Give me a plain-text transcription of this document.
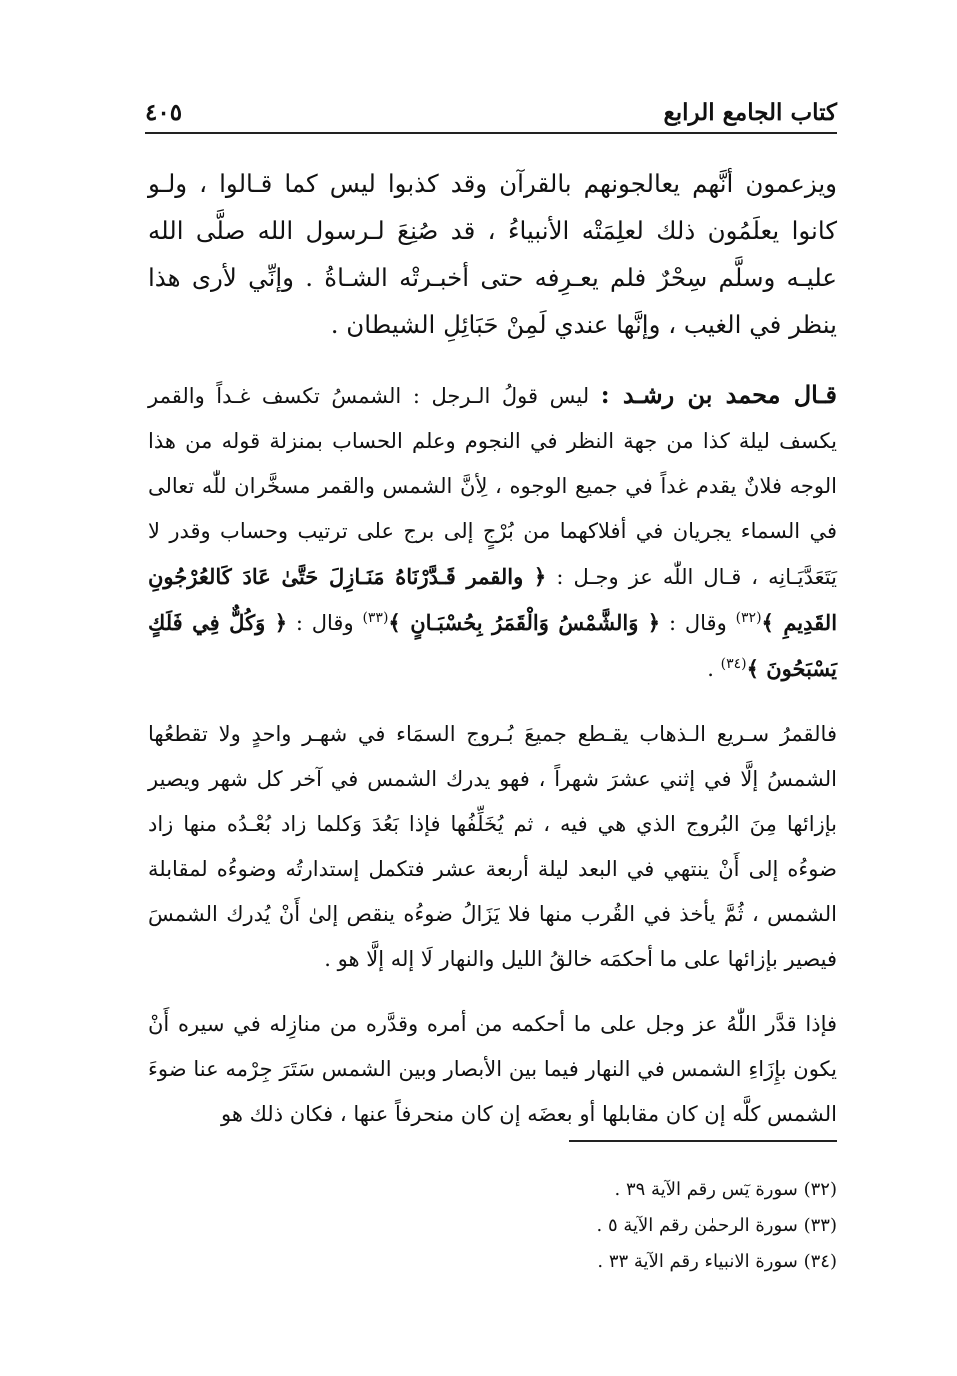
كتاب الجامع الرابع
٤٠٥

ويزعمون أنَّهم يعالجونهم بالقرآن وقد كذبوا ليس كما قـالوا ، ولـو كانوا يعلَمُون ذلك لعلِمَتْه الأنبياءُ ، قد صُنِعَ لـرسول الله صلَّى الله عليـه وسلَّم سِحْرٌ فلم يعـرِفه حتى أخبـرتْه الشـاةُ . وإنِّي لأرى هذا ينظر في الغيب ، وإنَّها عندي لَمِنْ حَبَائِلِ الشيطان .

قـال محمد بن رشـد : ليس قولُ الـرجل : الشمسُ تكسف غـداً والقمر يكسف ليلة كذا من جهة النظر في النجوم وعلم الحساب بمنزلة قوله من هذا الوجه فلانٌ يقدم غداً في جميع الوجوه ، لِأنَّ الشمس والقمر مسخَّران للّٰه تعالى في السماء يجريان في أفلاكهما من بُرْجٍ إلى برج على ترتيب وحساب وقدر لا يَتَعَدَّيَـانِه ، قـال اللّٰه عز وجـل : ﴿ والقمر قَـدَّرْنَاهُ مَنَـازِلَ حَتَّىٰ عَادَ كَالعُرْجُونِ القَدِيمِ ﴾$^{(٣٢)}$ وقال : ﴿ وَالشَّمْسُ وَالْقَمَرُ بِحُسْبَـانٍ ﴾$^{(٣٣)}$ وقال : ﴿ وَكُلٌّ فِي فَلَكٍ يَسْبَحُونَ ﴾$^{(٣٤)}$ .

فالقمرُ سـريع الـذهاب يقـطع جميعَ بُـروج السمَاء في شهـر واحدٍ ولا تقطعُها الشمسُ إلَّا في إثني عشرَ شهراً ، فهو يدرك الشمس في آخر كل شهر ويصير بإزائها مِنَ البُروج الذي هي فيه ، ثم يُخَلِّفُها فإذا بَعُدَ وَكلما زاد بُعْـدُه منها زاد ضوءُه إلى أَنْ ينتهي في البعد ليلة أربعة عشر فتكمل إستدارتُه وضوءُه لمقابلة الشمس ، ثُمَّ يأخذ في القُرب منها فلا يَزَالُ ضوءُه ينقص إلىٰ أَنْ يُدرك الشمسَ فيصير بإزائها على ما أحكمَه خالقُ الليل والنهار لَا إله إلَّا هو .

فإذا قدَّر اللّٰهُ عز وجل على ما أحكمه من أمره وقدَّره من منازِله في سيره أَنْ يكون بإِزَاءِ الشمس في النهار فيما بين الأبصار وبين الشمس سَتَرَ جِرْمه عنا ضوءَ الشمس كلَّه إن كان مقابلها أو بعضَه إن كان منحرفاً عنها ، فكان ذلك هو

(٣٢) سورة يٓس رقم الآية ٣٩ .

(٣٣) سورة الرحمٰن رقم الآية ٥ .

(٣٤) سورة الانبياء رقم الآية ٣٣ .
